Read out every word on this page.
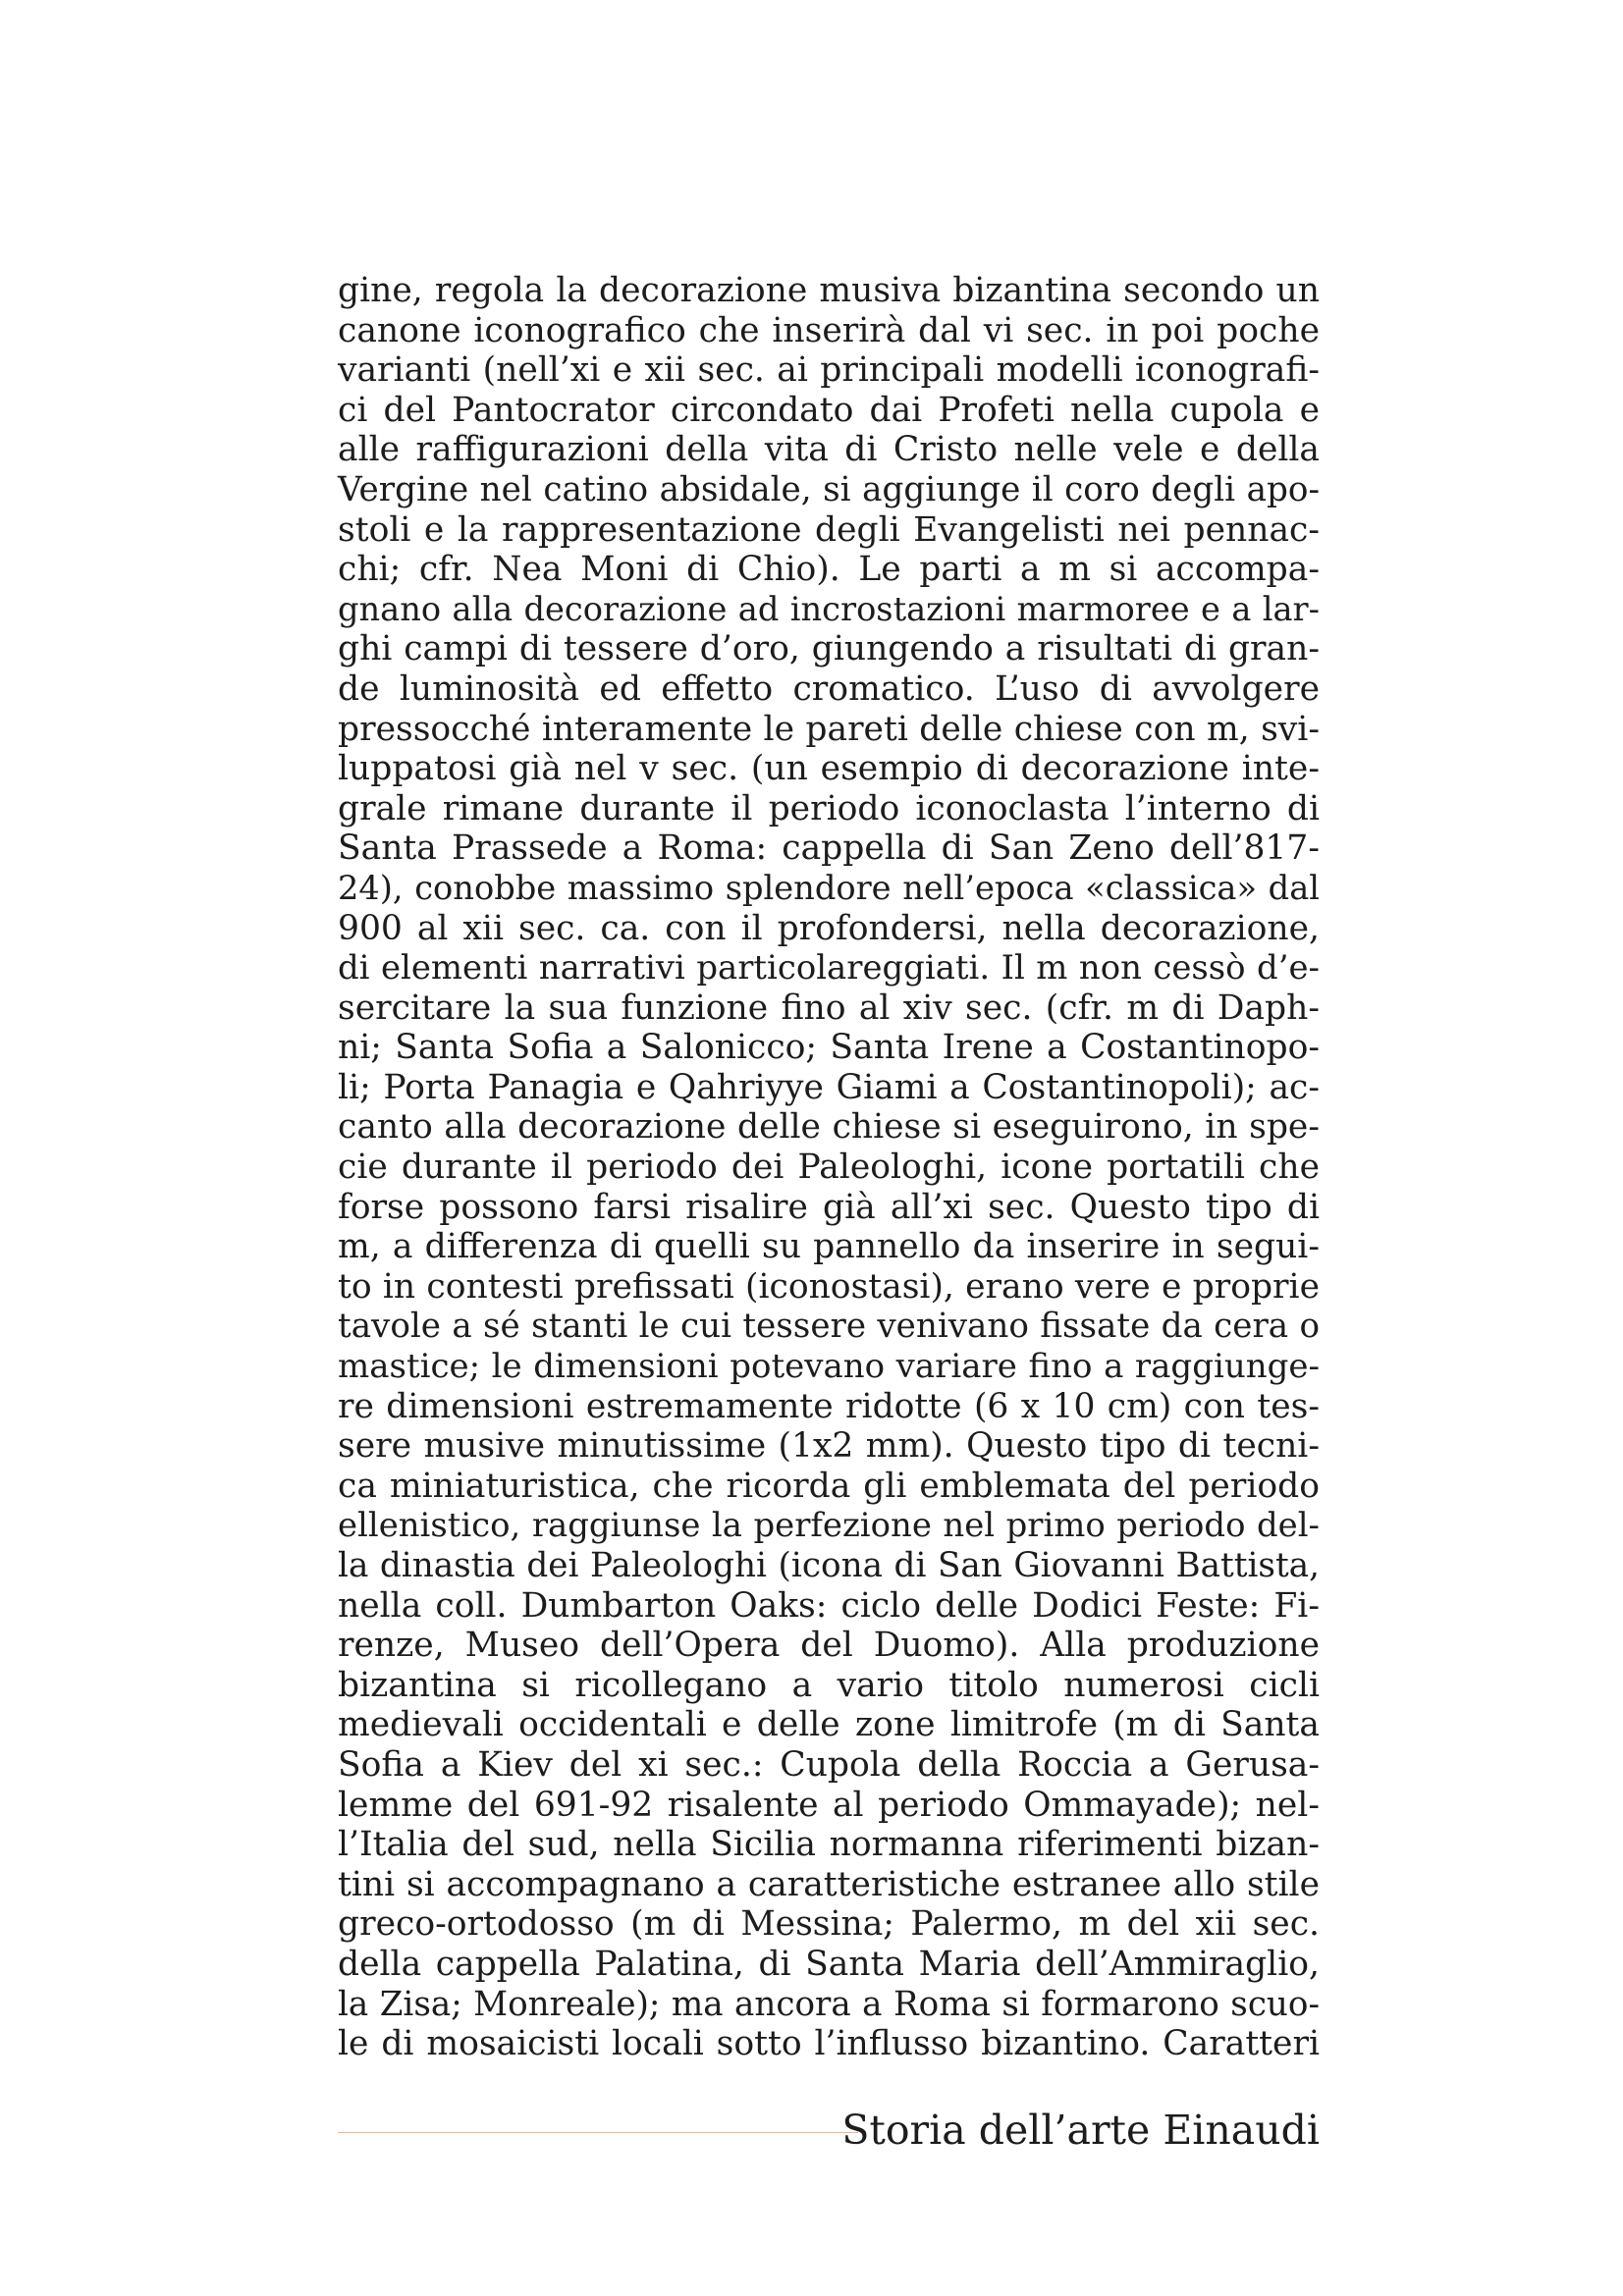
gine, regola la decorazione musiva bizantina secondo un
canone iconografico che inserirà dal vi sec. in poi poche
varianti (nell’xi e xii sec. ai principali modelli iconografi-
ci del Pantocrator circondato dai Profeti nella cupola e
alle raffigurazioni della vita di Cristo nelle vele e della
Vergine nel catino absidale, si aggiunge il coro degli apo-
stoli e la rappresentazione degli Evangelisti nei pennac-
chi; cfr. Nea Moni di Chio). Le parti a m si accompa-
gnano alla decorazione ad incrostazioni marmoree e a lar-
ghi campi di tessere d’oro, giungendo a risultati di gran-
de luminosità ed effetto cromatico. L’uso di avvolgere
pressocché interamente le pareti delle chiese con m, svi-
luppatosi già nel v sec. (un esempio di decorazione inte-
grale rimane durante il periodo iconoclasta l’interno di
Santa Prassede a Roma: cappella di San Zeno dell’817-
24), conobbe massimo splendore nell’epoca «classica» dal
900 al xii sec. ca. con il profondersi, nella decorazione,
di elementi narrativi particolareggiati. Il m non cessò d’e-
sercitare la sua funzione fino al xiv sec. (cfr. m di Daph-
ni; Santa Sofia a Salonicco; Santa Irene a Costantinopo-
li; Porta Panagia e Qahriyye Giami a Costantinopoli); ac-
canto alla decorazione delle chiese si eseguirono, in spe-
cie durante il periodo dei Paleologhi, icone portatili che
forse possono farsi risalire già all’xi sec. Questo tipo di
m, a differenza di quelli su pannello da inserire in segui-
to in contesti prefissati (iconostasi), erano vere e proprie
tavole a sé stanti le cui tessere venivano fissate da cera o
mastice; le dimensioni potevano variare fino a raggiunge-
re dimensioni estremamente ridotte (6 x 10 cm) con tes-
sere musive minutissime (1x2 mm). Questo tipo di tecni-
ca miniaturistica, che ricorda gli emblemata del periodo
ellenistico, raggiunse la perfezione nel primo periodo del-
la dinastia dei Paleologhi (icona di San Giovanni Battista,
nella coll. Dumbarton Oaks: ciclo delle Dodici Feste: Fi-
renze, Museo dell’Opera del Duomo). Alla produzione
bizantina si ricollegano a vario titolo numerosi cicli
medievali occidentali e delle zone limitrofe (m di Santa
Sofia a Kiev del xi sec.: Cupola della Roccia a Gerusa-
lemme del 691-92 risalente al periodo Ommayade); nel-
l’Italia del sud, nella Sicilia normanna riferimenti bizan-
tini si accompagnano a caratteristiche estranee allo stile
greco-ortodosso (m di Messina; Palermo, m del xii sec.
della cappella Palatina, di Santa Maria dell’Ammiraglio,
la Zisa; Monreale); ma ancora a Roma si formarono scuo-
le di mosaicisti locali sotto l’influsso bizantino. Caratteri
Storia dell’arte Einaudi
